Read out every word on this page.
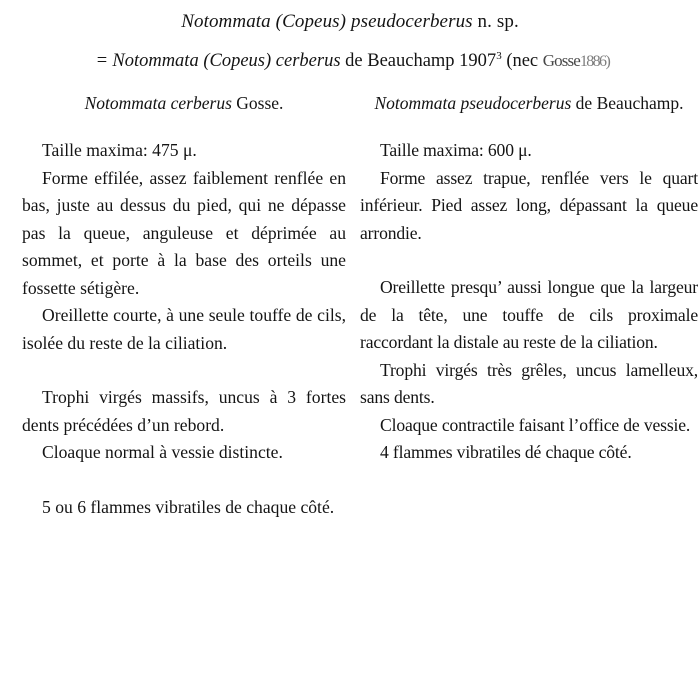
Notommata (Copeus) pseudocerberus n. sp.
= Notommata (Copeus) cerberus de Beauchamp 1907$^3$ (nec Gosse1886)
Notommata cerberus Gosse.

Taille maxima: 475 μ.

Forme effilée, assez faiblement renflée en bas, juste au dessus du pied, qui ne dépasse pas la queue, anguleuse et déprimée au sommet, et porte à la base des orteils une fossette sétigère.

Oreillette courte, à une seule touffe de cils, isolée du reste de la ciliation.

Trophi virgés massifs, uncus à 3 fortes dents précédées d’un rebord.

Cloaque normal à vessie distincte.

5 ou 6 flammes vibratiles de chaque côté.

Notommata pseudocerberus de Beauchamp.

Taille maxima: 600 μ.

Forme assez trapue, renflée vers le quart inférieur. Pied assez long, dépassant la queue arrondie.

Oreillette presqu’ aussi longue que la largeur de la tête, une touffe de cils proximale raccordant la distale au reste de la ciliation.

Trophi virgés très grêles, uncus lamelleux, sans dents.

Cloaque contractile faisant l’office de vessie.

4 flammes vibratiles dé chaque côté.
